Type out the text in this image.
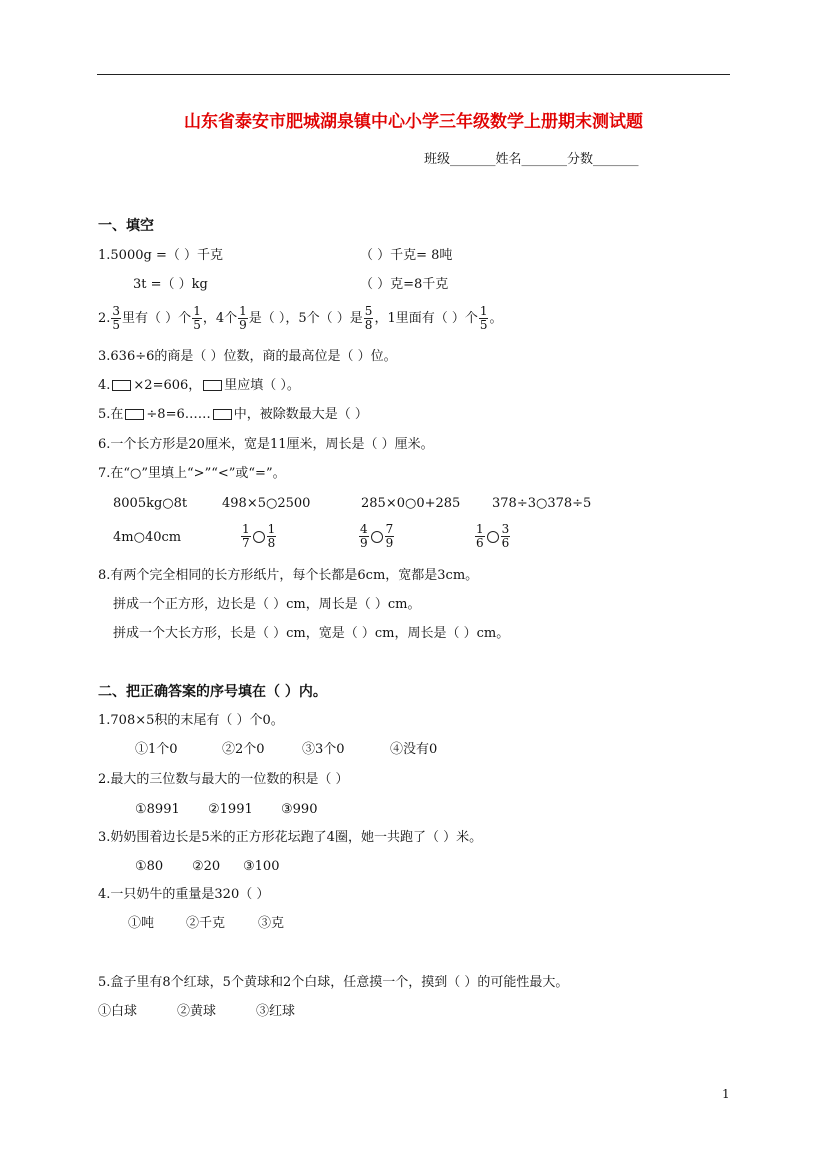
山东省泰安市肥城湖泉镇中心小学三年级数学上册期末测试题
班级_______姓名_______分数_______
一、填空
1.5000g =（ ）千克	（ ）千克= 8吨
3t =（ ）kg	（ ）克=8千克
2. $\frac{3}{5}$ 里有（ ）个 $\frac{1}{5}$ ，4个 $\frac{1}{9}$ 是（ ），5个（ ）是 $\frac{5}{8}$ ，1里面有（ ）个 $\frac{1}{5}$ 。
3.636÷6的商是（ ）位数，商的最高位是（ ）位。
4. ×2=606， 里应填（ ）。
5.在 ÷8=6…… 中，被除数最大是（ ）
6.一个长方形是20厘米，宽是11厘米，周长是（ ）厘米。
7.在“○”里填上“>”“<”或“=”。
8005kg○8t	498×5○2500	285×0○0+285 378÷3○378÷5
4m○40cm	$\frac{1}{7} \frac{1}{8}$	$\frac{4}{9} \frac{7}{9}$	$\frac{1}{6} \frac{3}{6}$
8.有两个完全相同的长方形纸片，每个长都是6cm，宽都是3cm。
拼成一个正方形，边长是（ ）cm，周长是（ ）cm。
拼成一个大长方形，长是（ ）cm，宽是（ ）cm，周长是（ ）cm。
二、把正确答案的序号填在（ ）内。
1.708×5积的末尾有（ ）个0。
①1个0	②2个0	③3个0	④没有0
2.最大的三位数与最大的一位数的积是（ ）
①8991 ②1991 ③990
3.奶奶围着边长是5米的正方形花坛跑了4圈，她一共跑了（ ）米。
①80 ②20 ③100
4.一只奶牛的重量是320（ ）
①吨 ②千克	③克
5.盒子里有8个红球，5个黄球和2个白球，任意摸一个，摸到（ ）的可能性最大。
①白球	②黄球	③红球
1
